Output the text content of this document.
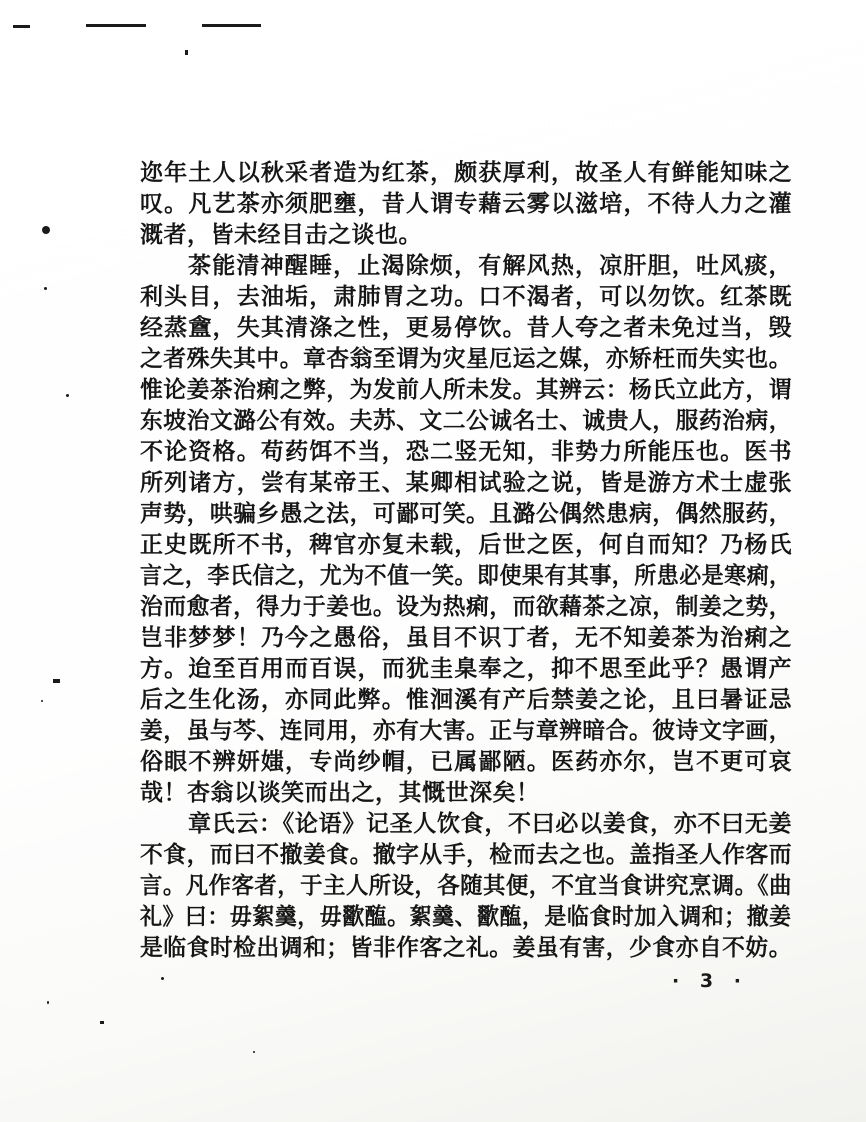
迩年土人以秋采者造为红茶，颇获厚利，故圣人有鲜能知味之
叹。凡艺茶亦须肥壅，昔人谓专藉云雾以滋培，不待人力之灌
溉者，皆未经目击之谈也。
茶能清神醒睡，止渴除烦，有解风热，凉肝胆，吐风痰，
利头目，去油垢，肃肺胃之功。口不渴者，可以勿饮。红茶既
经蒸盦，失其清涤之性，更易停饮。昔人夸之者未免过当，毁
之者殊失其中。章杏翁至谓为灾星厄运之媒，亦矫枉而失实也。
惟论姜茶治痢之弊，为发前人所未发。其辨云：杨氏立此方，谓
东坡治文潞公有效。夫苏、文二公诚名士、诚贵人，服药治病，
不论资格。苟药饵不当，恐二竖无知，非势力所能压也。医书
所列诸方，尝有某帝王、某卿相试验之说，皆是游方术士虚张
声势，哄骗乡愚之法，可鄙可笑。且潞公偶然患病，偶然服药，
正史既所不书，稗官亦复未载，后世之医，何自而知？乃杨氏
言之，李氏信之，尤为不值一笑。即使果有其事，所患必是寒痢，
治而愈者，得力于姜也。设为热痢，而欲藉茶之凉，制姜之势，
岂非梦梦！乃今之愚俗，虽目不识丁者，无不知姜茶为治痢之
方。迨至百用而百误，而犹圭臬奉之，抑不思至此乎？愚谓产
后之生化汤，亦同此弊。惟洄溪有产后禁姜之论，且曰暑证忌
姜，虽与芩、连同用，亦有大害。正与章辨暗合。彼诗文字画，
俗眼不辨妍媸，专尚纱帽，已属鄙陋。医药亦尔，岂不更可哀
哉！杏翁以谈笑而出之，其慨世深矣！
章氏云：《论语》记圣人饮食，不曰必以姜食，亦不曰无姜
不食，而曰不撤姜食。撤字从手，检而去之也。盖指圣人作客而
言。凡作客者，于主人所设，各随其便，不宜当食讲究烹调。《曲
礼》曰：毋絮羹，毋歠醢。絮羹、歠醢，是临食时加入调和；撤姜
是临食时检出调和；皆非作客之礼。姜虽有害，少食亦自不妨。
· 3 ·
